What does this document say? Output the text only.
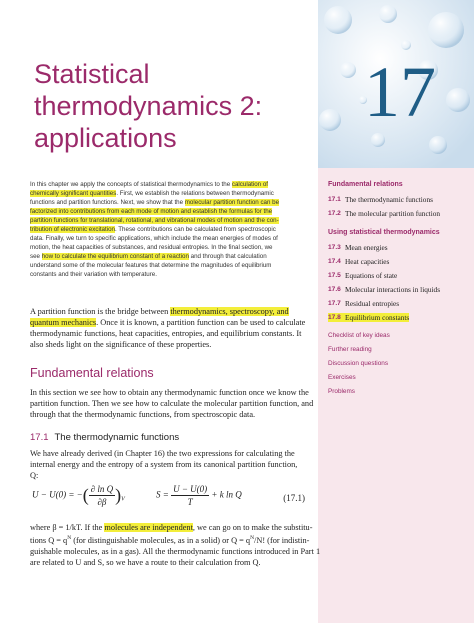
17
Statistical
thermodynamics 2:
applications
In this chapter we apply the concepts of statistical thermodynamics to the calculation of
chemically significant quantities. First, we establish the relations between thermodynamic
functions and partition functions. Next, we show that the molecular partition function can be
factorized into contributions from each mode of motion and establish the formulas for the
partition functions for translational, rotational, and vibrational modes of motion and the con-
tribution of electronic excitation. These contributions can be calculated from spectroscopic
data. Finally, we turn to specific applications, which include the mean energies of modes of
motion, the heat capacities of substances, and residual entropies. In the final section, we
see how to calculate the equilibrium constant of a reaction and through that calculation
understand some of the molecular features that determine the magnitudes of equilibrium
constants and their variation with temperature.
A partition function is the bridge between thermodynamics, spectroscopy, and
quantum mechanics. Once it is known, a partition function can be used to calculate
thermodynamic functions, heat capacities, entropies, and equilibrium constants. It
also sheds light on the significance of these properties.
Fundamental relations
In this section we see how to obtain any thermodynamic function once we know the
partition function. Then we see how to calculate the molecular partition function, and
through that the thermodynamic functions, from spectroscopic data.
17.1 The thermodynamic functions
We have already derived (in Chapter 16) the two expressions for calculating the
internal energy and the entropy of a system from its canonical partition function,
Q:
U − U(0) = −( $\frac{\text{∂ ln Q}}{\partial\beta} )_V$	$S = \frac{U - U(0)}{T} + k$ ln Q	(17.1)
where β = 1/kT. If the molecules are independent, we can go on to make the substitu-
tions $Q = q^N$ (for distinguishable molecules, as in a solid) or $Q = q^N/N$! (for indistin-
guishable molecules, as in a gas). All the thermodynamic functions introduced in Part 1
are related to U and S, so we have a route to their calculation from Q.
Fundamental relations
17.1 The thermodynamic functions
17.2 The molecular partition function
Using statistical thermodynamics
17.3 Mean energies
17.4 Heat capacities
17.5 Equations of state
17.6 Molecular interactions in liquids
17.7 Residual entropies
17.8 Equilibrium constants
Checklist of key ideas
Further reading
Discussion questions
Exercises
Problems
